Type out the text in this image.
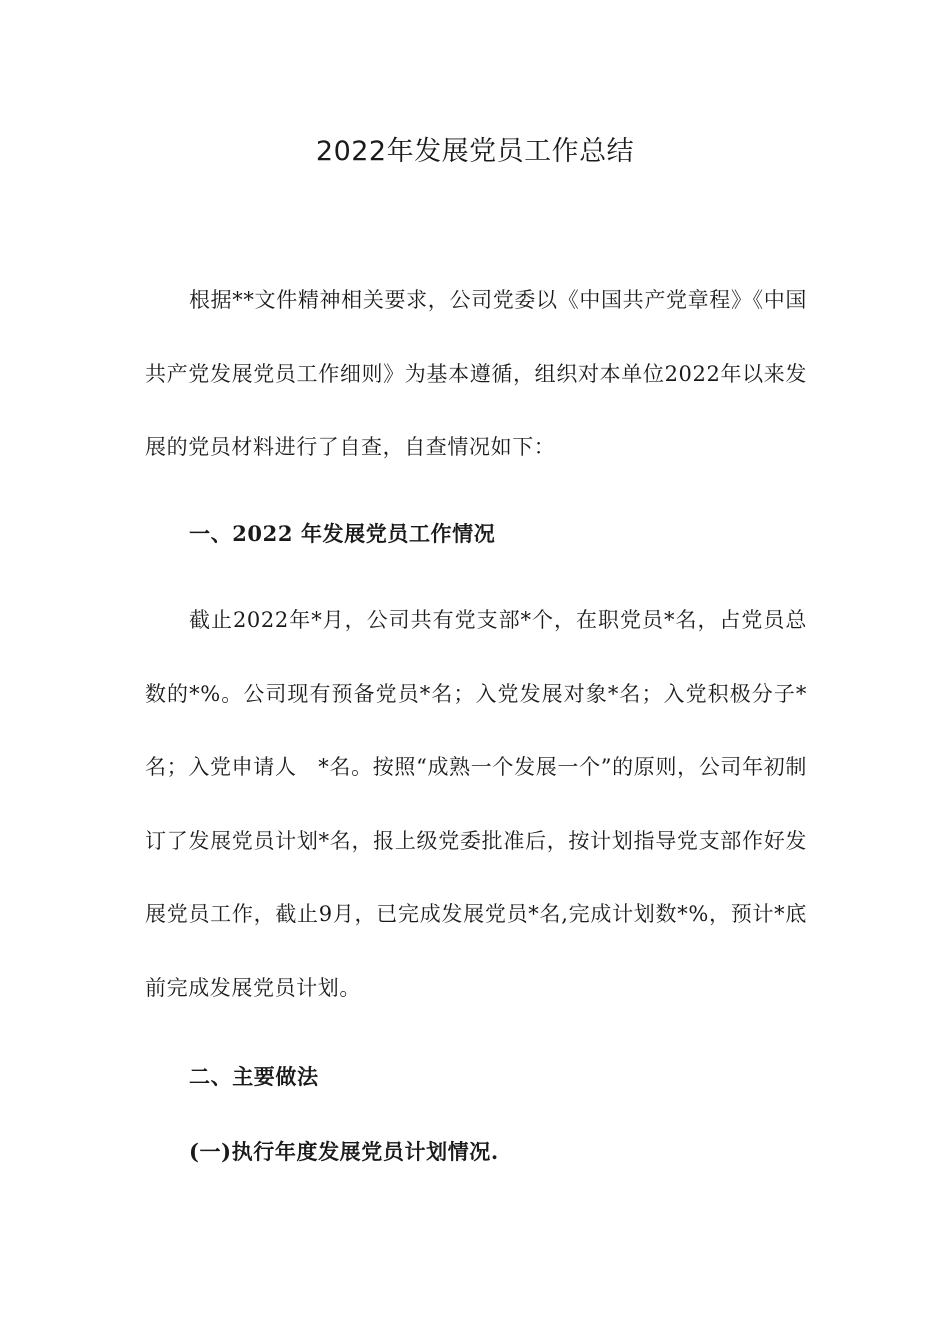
2022年发展党员工作总结

根据**文件精神相关要求，公司党委以《中国共产党章程》《中国共产党发展党员工作细则》为基本遵循，组织对本单位2022年以来发展的党员材料进行了自查，自查情况如下：

一、2022 年发展党员工作情况

截止2022年*月，公司共有党支部*个，在职党员*名，占党员总数的*%。公司现有预备党员*名；入党发展对象*名；入党积极分子*名；入党申请人　*名。按照“成熟一个发展一个”的原则，公司年初制订了发展党员计划*名，报上级党委批准后，按计划指导党支部作好发展党员工作，截止9月，已完成发展党员*名,完成计划数*%，预计*底前完成发展党员计划。

二、主要做法
(一)执行年度发展党员计划情况.
